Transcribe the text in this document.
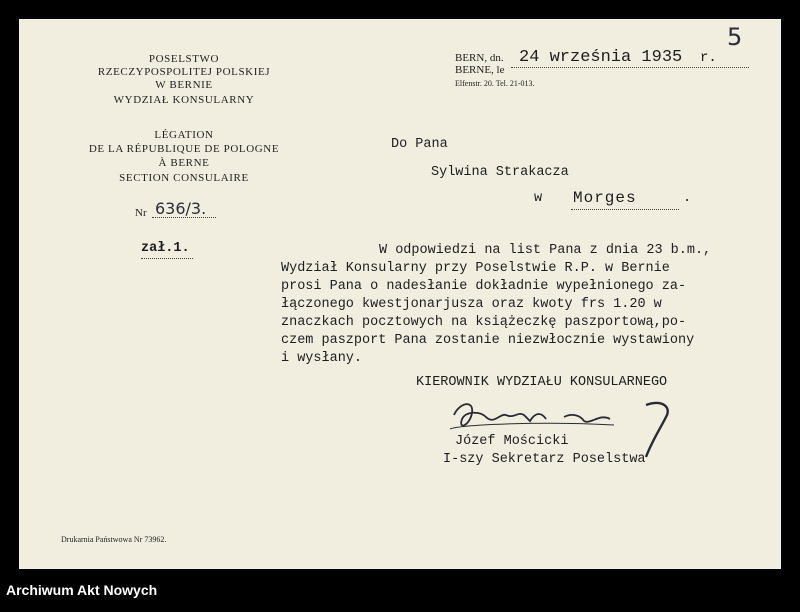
POSELSTWO
RZECZYPOSPOLITEJ POLSKIEJ
W BERNIE
WYDZIAŁ KONSULARNY
LÉGATION
DE LA RÉPUBLIQUE DE POLOGNE
À BERNE
SECTION CONSULAIRE
Nr 636/3.
zał.1.
BERN, dn.
BERNE, le
24 września 1935 r.
Elfenstr. 20. Tel. 21-013.
5
Do Pana
Sylwina Strakacza
w Morges	.
W odpowiedzi na list Pana z dnia 23 b.m.,
Wydział Konsularny przy Poselstwie R.P. w Bernie
prosi Pana o nadesłanie dokładnie wypełnionego za-
łączonego kwestjonarjusza oraz kwoty frs 1.20 w
znaczkach pocztowych na książeczkę paszportową,po-
czem paszport Pana zostanie niezwłocznie wystawiony
i wysłany.
KIEROWNIK WYDZIAŁU KONSULARNEGO
Józef Mościcki
I-szy Sekretarz Poselstwa
Drukarnia Państwowa Nr 73962.
Archiwum Akt Nowych
